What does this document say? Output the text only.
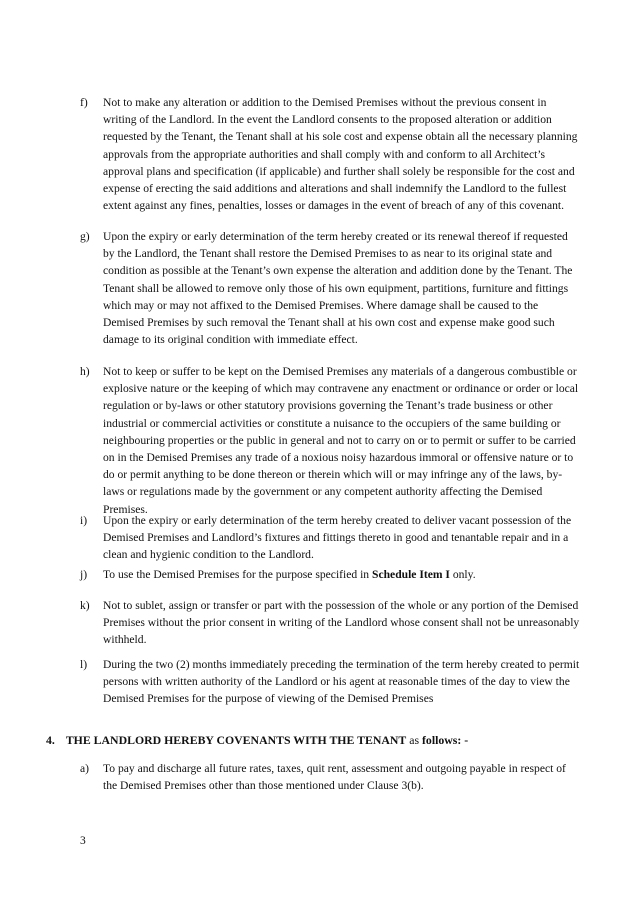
f)	Not to make any alteration or addition to the Demised Premises without the previous consent in writing of the Landlord. In the event the Landlord consents to the proposed alteration or addition requested by the Tenant, the Tenant shall at his sole cost and expense obtain all the necessary planning approvals from the appropriate authorities and shall comply with and conform to all Architect’s approval plans and specification (if applicable) and further shall solely be responsible for the cost and expense of erecting the said additions and alterations and shall indemnify the Landlord to the fullest extent against any fines, penalties, losses or damages in the event of breach of any of this covenant.
g)	Upon the expiry or early determination of the term hereby created or its renewal thereof if requested by the Landlord, the Tenant shall restore the Demised Premises to as near to its original state and condition as possible at the Tenant’s own expense the alteration and addition done by the Tenant. The Tenant shall be allowed to remove only those of his own equipment, partitions, furniture and fittings which may or may not affixed to the Demised Premises. Where damage shall be caused to the Demised Premises by such removal the Tenant shall at his own cost and expense make good such damage to its original condition with immediate effect.
h)	Not to keep or suffer to be kept on the Demised Premises any materials of a dangerous combustible or explosive nature or the keeping of which may contravene any enactment or ordinance or order or local regulation or by-laws or other statutory provisions governing the Tenant’s trade business or other industrial or commercial activities or constitute a nuisance to the occupiers of the same building or neighbouring properties or the public in general and not to carry on or to permit or suffer to be carried on in the Demised Premises any trade of a noxious noisy hazardous immoral or offensive nature or to do or permit anything to be done thereon or therein which will or may infringe any of the laws, by-laws or regulations made by the government or any competent authority affecting the Demised Premises.
i)	Upon the expiry or early determination of the term hereby created to deliver vacant possession of the Demised Premises and Landlord’s fixtures and fittings thereto in good and tenantable repair and in a clean and hygienic condition to the Landlord.
j)	To use the Demised Premises for the purpose specified in Schedule Item I only.
k)	Not to sublet, assign or transfer or part with the possession of the whole or any portion of the Demised Premises without the prior consent in writing of the Landlord whose consent shall not be unreasonably withheld.
l)	During the two (2) months immediately preceding the termination of the term hereby created to permit persons with written authority of the Landlord or his agent at reasonable times of the day to view the Demised Premises for the purpose of viewing of the Demised Premises
4. THE LANDLORD HEREBY COVENANTS WITH THE TENANT as follows: -
a)	To pay and discharge all future rates, taxes, quit rent, assessment and outgoing payable in respect of the Demised Premises other than those mentioned under Clause 3(b).
3
